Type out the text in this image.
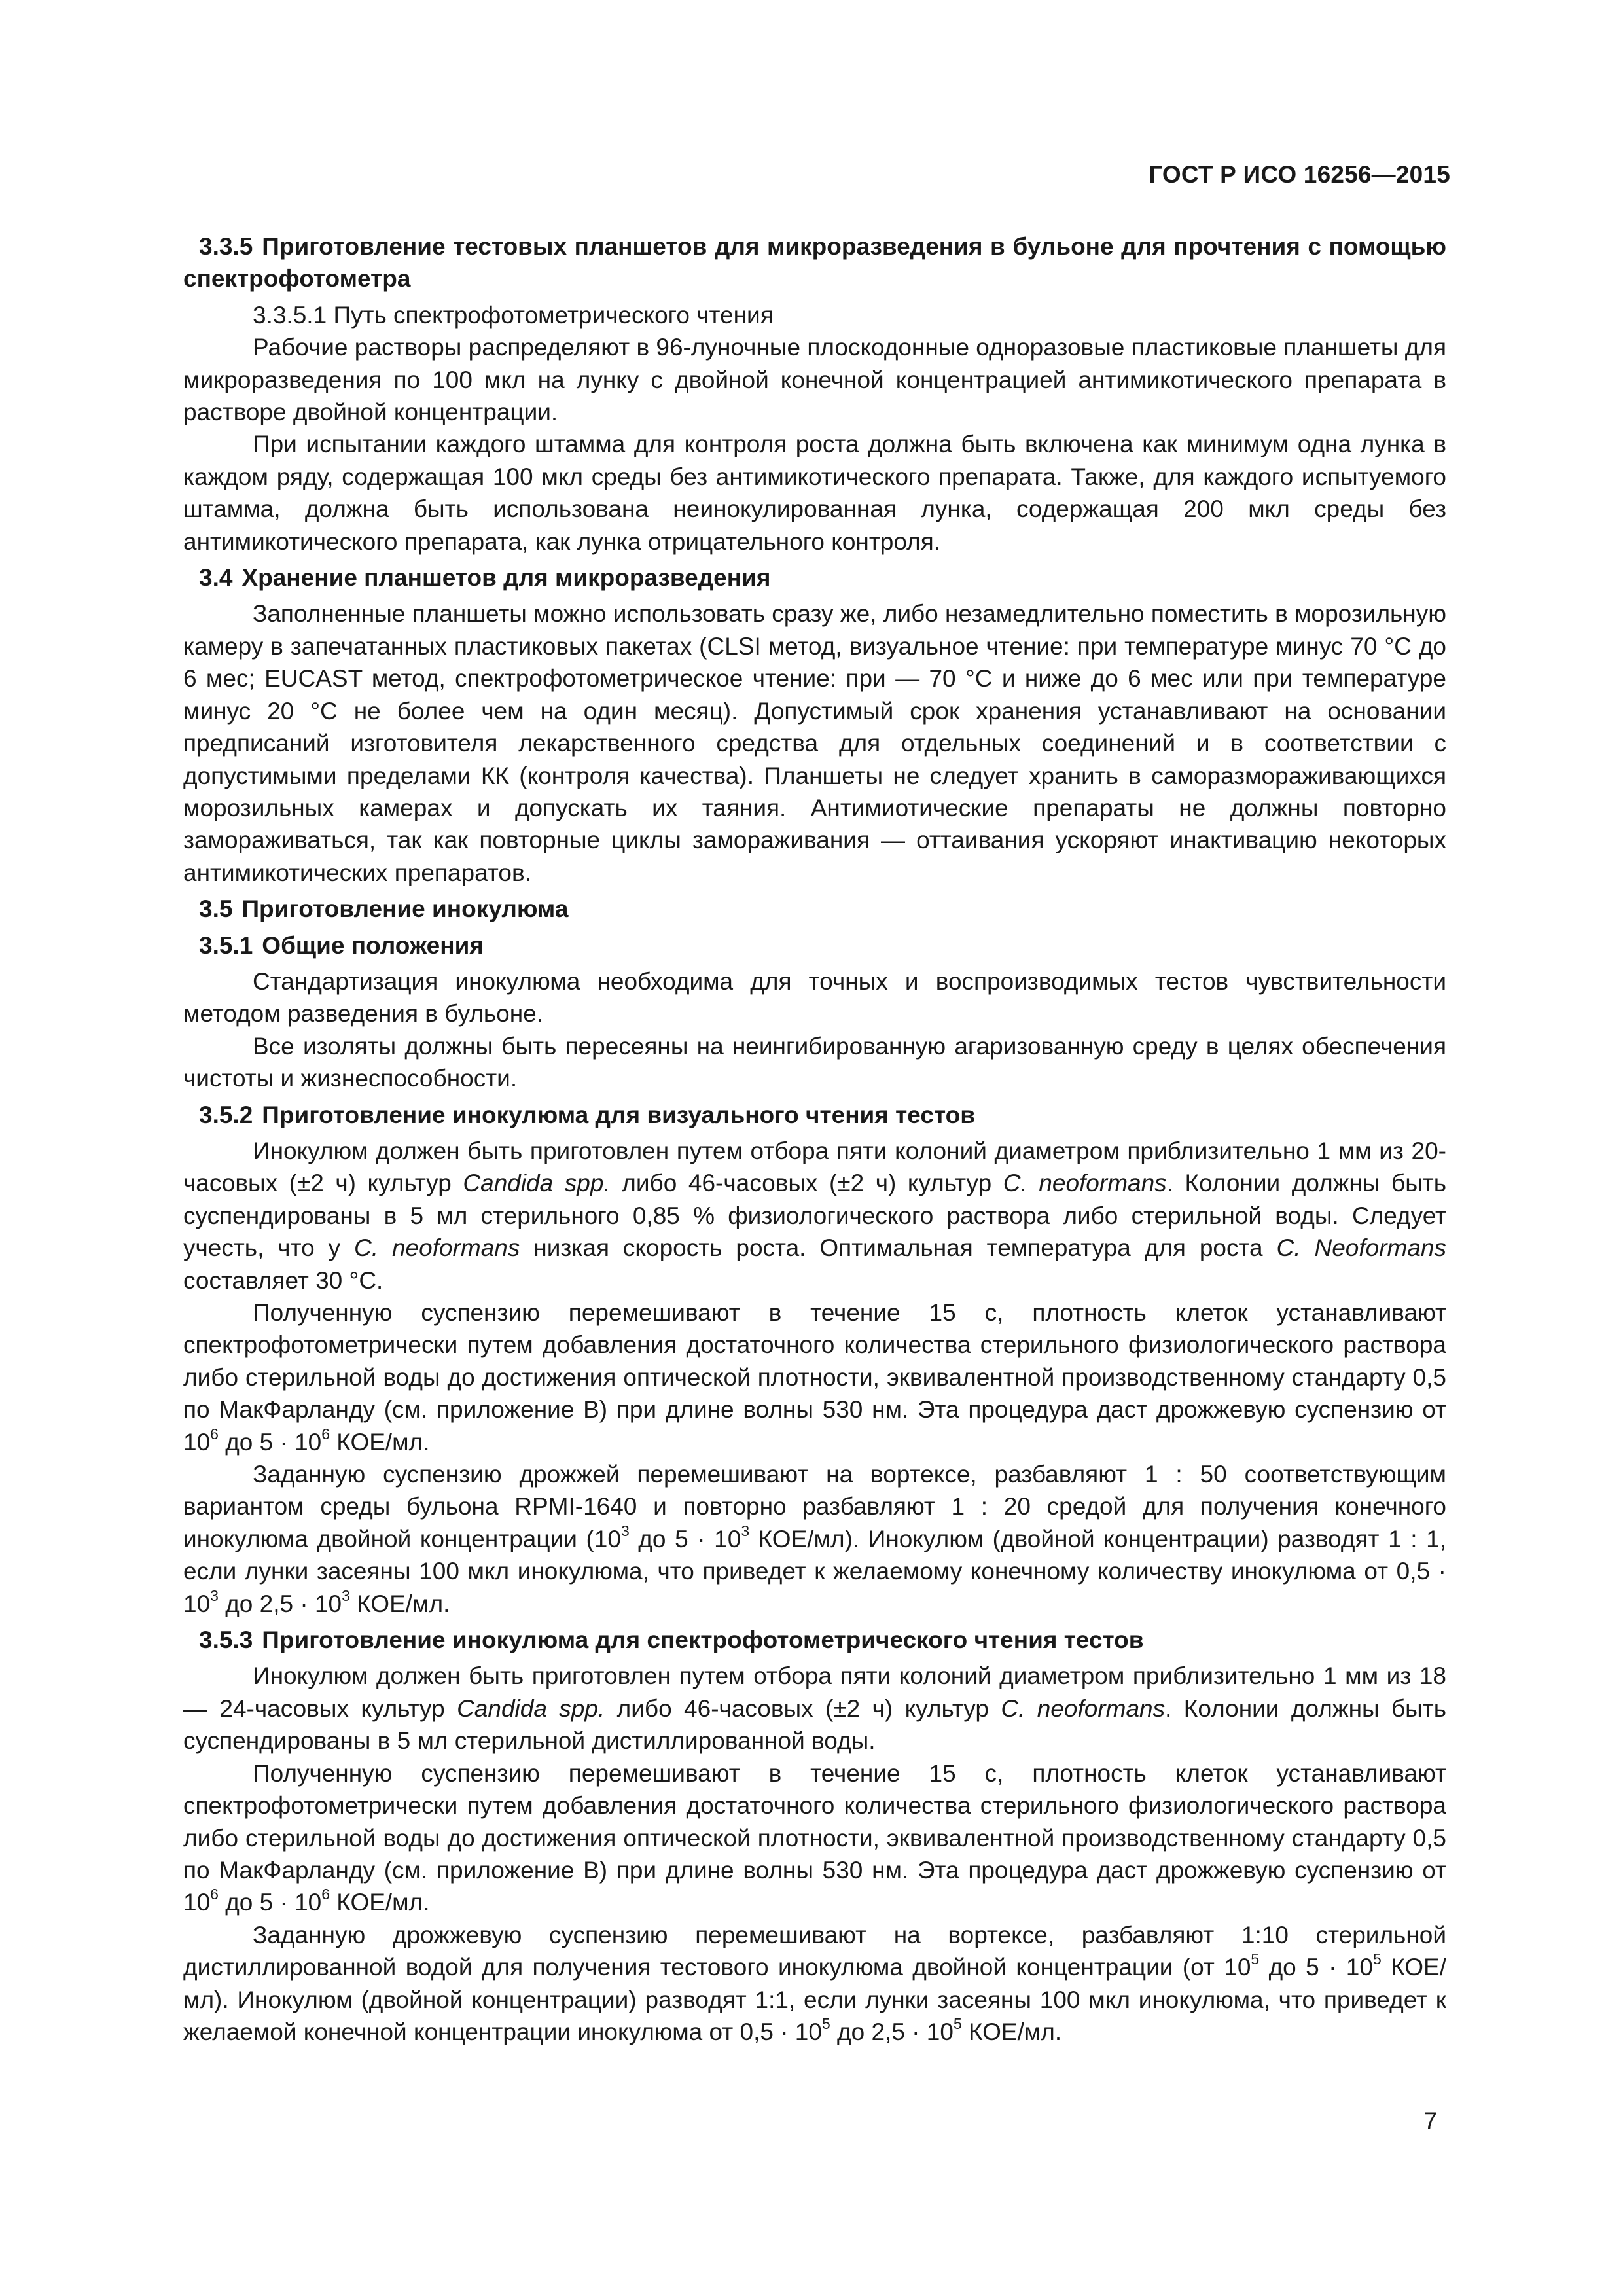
ГОСТ Р ИСО 16256—2015

3.3.5 Приготовление тестовых планшетов для микроразведения в бульоне для прочтения с помощью спектрофотометра

3.3.5.1 Путь спектрофотометрического чтения

Рабочие растворы распределяют в 96-луночные плоскодонные одноразовые пластиковые планшеты для микроразведения по 100 мкл на лунку с двойной конечной концентрацией антимикотического препарата в растворе двойной концентрации.

При испытании каждого штамма для контроля роста должна быть включена как минимум одна лунка в каждом ряду, содержащая 100 мкл среды без антимикотического препарата. Также, для каждого испытуемого штамма, должна быть использована неинокулированная лунка, содержащая 200 мкл среды без антимикотического препарата, как лунка отрицательного контроля.

3.4 Хранение планшетов для микроразведения

Заполненные планшеты можно использовать сразу же, либо незамедлительно поместить в морозильную камеру в запечатанных пластиковых пакетах (CLSI метод, визуальное чтение: при температуре минус 70 °C до 6 мес; EUCAST метод, спектрофотометрическое чтение: при — 70 °C и ниже до 6 мес или при температуре минус 20 °C не более чем на один месяц). Допустимый срок хранения устанавливают на основании предписаний изготовителя лекарственного средства для отдельных соединений и в соответствии с допустимыми пределами КК (контроля качества). Планшеты не следует хранить в саморазмораживающихся морозильных камерах и допускать их таяния. Антимиотические препараты не должны повторно замораживаться, так как повторные циклы замораживания — оттаивания ускоряют инактивацию некоторых антимикотических препаратов.

3.5 Приготовление инокулюма

3.5.1 Общие положения

Стандартизация инокулюма необходима для точных и воспроизводимых тестов чувствительности методом разведения в бульоне.

Все изоляты должны быть пересеяны на неингибированную агаризованную среду в целях обеспечения чистоты и жизнеспособности.

3.5.2 Приготовление инокулюма для визуального чтения тестов

Инокулюм должен быть приготовлен путем отбора пяти колоний диаметром приблизительно 1 мм из 20-часовых (±2 ч) культур Candida spp. либо 46-часовых (±2 ч) культур C. neoformans. Колонии должны быть суспендированы в 5 мл стерильного 0,85 % физиологического раствора либо стерильной воды. Следует учесть, что у C. neoformans низкая скорость роста. Оптимальная температура для роста C. Neoformans составляет 30 °C.

Полученную суспензию перемешивают в течение 15 с, плотность клеток устанавливают спектрофотометрически путем добавления достаточного количества стерильного физиологического раствора либо стерильной воды до достижения оптической плотности, эквивалентной производственному стандарту 0,5 по МакФарланду (см. приложение В) при длине волны 530 нм. Эта процедура даст дрожжевую суспензию от $10^6$ до $5 \cdot 10^6$ КОЕ/мл.

Заданную суспензию дрожжей перемешивают на вортексе, разбавляют 1 : 50 соответствующим вариантом среды бульона RPMI-1640 и повторно разбавляют 1 : 20 средой для получения конечного инокулюма двойной концентрации ($10^3$ до $5 \cdot 10^3$ КОЕ/мл). Инокулюм (двойной концентрации) разводят 1 : 1, если лунки засеяны 100 мкл инокулюма, что приведет к желаемому конечному количеству инокулюма от $0,5 \cdot 10^3$ до $2,5 \cdot 10^3$ КОЕ/мл.

3.5.3 Приготовление инокулюма для спектрофотометрического чтения тестов

Инокулюм должен быть приготовлен путем отбора пяти колоний диаметром приблизительно 1 мм из 18 — 24-часовых культур Candida spp. либо 46-часовых (±2 ч) культур C. neoformans. Колонии должны быть суспендированы в 5 мл стерильной дистиллированной воды.

Полученную суспензию перемешивают в течение 15 с, плотность клеток устанавливают спектрофотометрически путем добавления достаточного количества стерильного физиологического раствора либо стерильной воды до достижения оптической плотности, эквивалентной производственному стандарту 0,5 по МакФарланду (см. приложение В) при длине волны 530 нм. Эта процедура даст дрожжевую суспензию от $10^6$ до $5 \cdot 10^6$ КОЕ/мл.

Заданную дрожжевую суспензию перемешивают на вортексе, разбавляют 1:10 стерильной дистиллированной водой для получения тестового инокулюма двойной концентрации (от $10^5$ до $5 \cdot 10^5$ КОЕ/мл). Инокулюм (двойной концентрации) разводят 1:1, если лунки засеяны 100 мкл инокулюма, что приведет к желаемой конечной концентрации инокулюма от $0,5 \cdot 10^5$ до $2,5 \cdot 10^5$ КОЕ/мл.

7
